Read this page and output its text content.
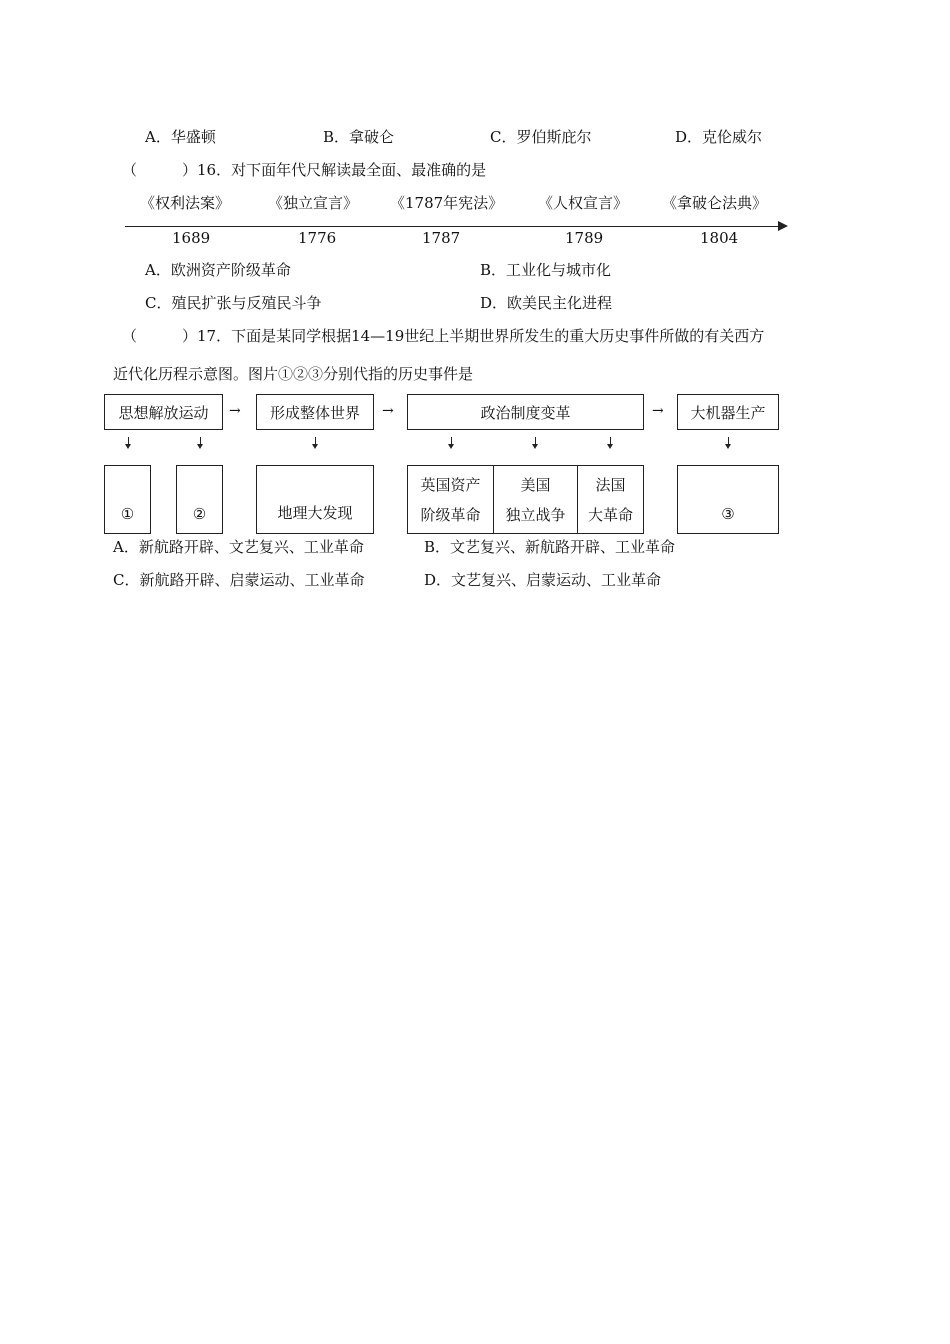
A．华盛顿	B．拿破仑	C．罗伯斯庇尔	D．克伦威尔
（　　　）16．对下面年代尺解读最全面、最准确的是
《权利法案》	《独立宣言》 《1787年宪法》 《人权宣言》 《拿破仑法典》
1689	1776	1787	1789	1804
A．欧洲资产阶级革命	B．工业化与城市化
C．殖民扩张与反殖民斗争	D．欧美民主化进程
（　　　）17．下面是某同学根据14—19世纪上半期世界所发生的重大历史事件所做的有关西方
近代化历程示意图。图片①②③分别代指的历史事件是
思想解放运动 → 形成整体世界 →	政治制度变革	→ 大机器生产
①	②	地理大发现
英国资产
阶级革命
美国
独立战争
法国
大革命	③
A．新航路开辟、文艺复兴、工业革命	B．文艺复兴、新航路开辟、工业革命
C．新航路开辟、启蒙运动、工业革命	D．文艺复兴、启蒙运动、工业革命
